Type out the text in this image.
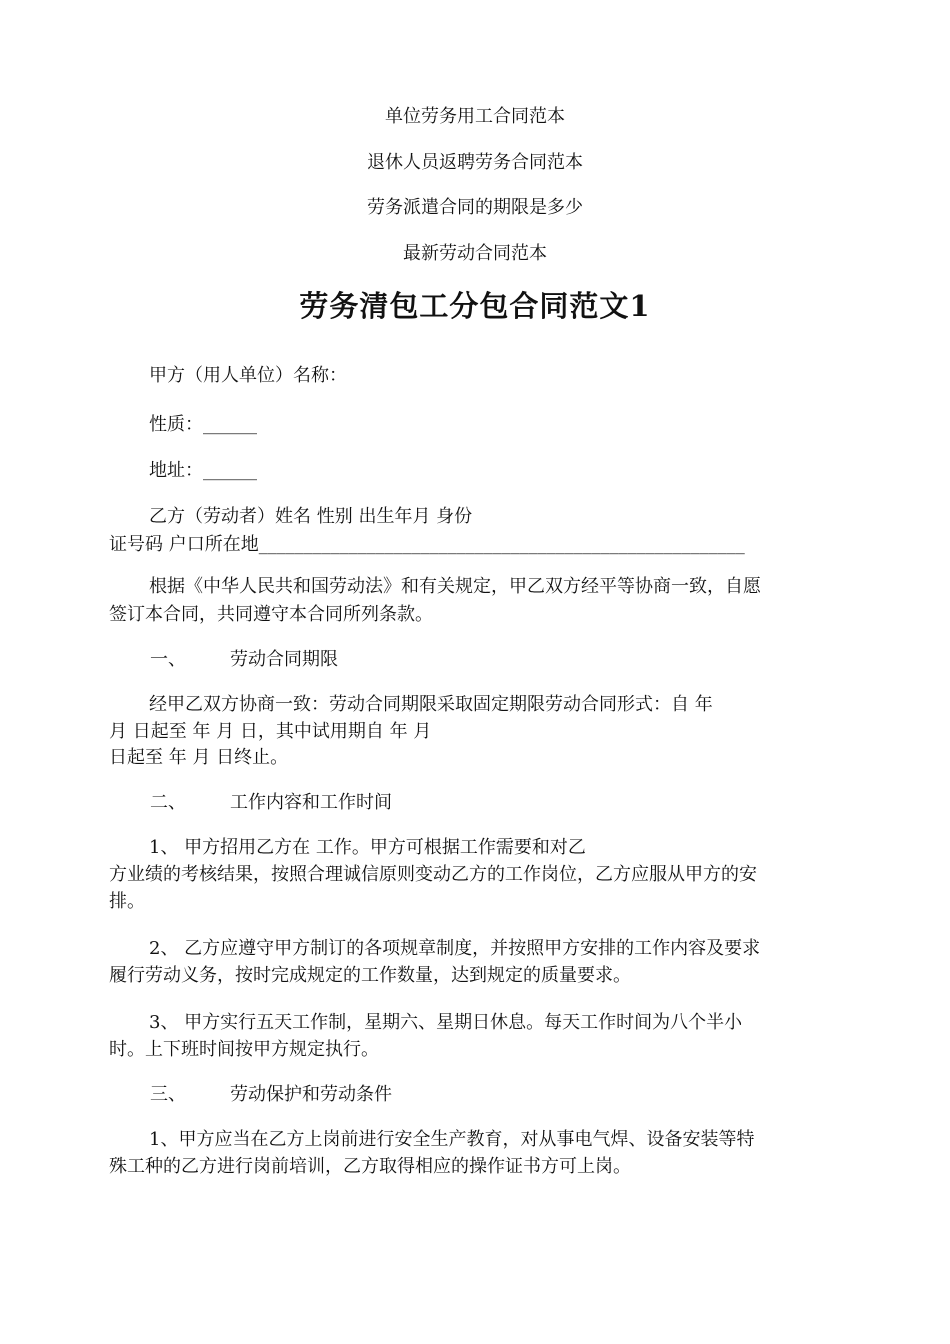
单位劳务用工合同范本
退休人员返聘劳务合同范本
劳务派遣合同的期限是多少
最新劳动合同范本
劳务清包工分包合同范文1
甲方（用人单位）名称：
性质：______
地址：______
乙方（劳动者）姓名 性别 出生年月 身份
证号码 户口所在地______________________________________________________
根据《中华人民共和国劳动法》和有关规定，甲乙双方经平等协商一致，自愿
签订本合同，共同遵守本合同所列条款。
一、 劳动合同期限
经甲乙双方协商一致：劳动合同期限采取固定期限劳动合同形式：自 年
月 日起至 年 月 日，其中试用期自 年 月
日起至 年 月 日终止。
二、 工作内容和工作时间
1、 甲方招用乙方在 工作。甲方可根据工作需要和对乙
方业绩的考核结果，按照合理诚信原则变动乙方的工作岗位，乙方应服从甲方的安
排。
2、 乙方应遵守甲方制订的各项规章制度，并按照甲方安排的工作内容及要求
履行劳动义务，按时完成规定的工作数量，达到规定的质量要求。
3、 甲方实行五天工作制，星期六、星期日休息。每天工作时间为八个半小
时。上下班时间按甲方规定执行。
三、 劳动保护和劳动条件
1、甲方应当在乙方上岗前进行安全生产教育，对从事电气焊、设备安装等特
殊工种的乙方进行岗前培训，乙方取得相应的操作证书方可上岗。
